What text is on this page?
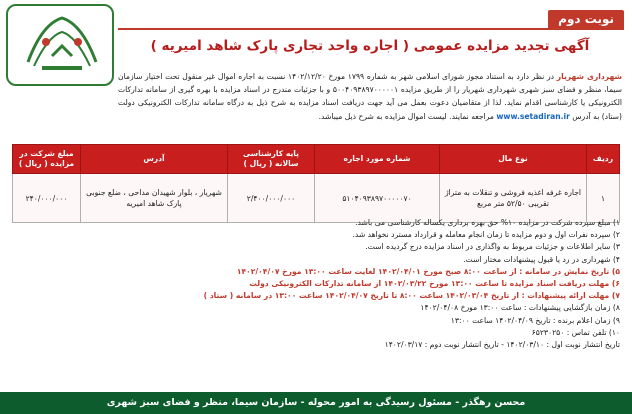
نوبت دوم
آگهی تجدید مزایده عمومی ( اجاره واحد تجاری پارک شاهد امیریه )
شهرداری شهریار در نظر دارد به استناد مجوز شورای اسلامی شهر به شماره ۱۷۹۹ مورخ ۱۴۰۲/۱۲/۲۰ نسبت به اجاره اموال غیر منقول تحت اختیار سازمان سیما، منظر و فضای سبز شهری شهرداری شهریار را از طریق مزایده ۵۰۰۴۰۹۳۸۹۷۰۰۰۰۰۱ و با جزئیات مندرج در اسناد مزایده با بهره گیری از سامانه تدارکات الکترونیکی یا کارشناسی اقدام نماید. لذا از متقاضیان دعوت بعمل می آید جهت دریافت اسناد مزایده به شرح ذیل به درگاه سامانه تدارکات الکترونیکی دولت (ستاد) به آدرس www.setadiran.ir مراجعه نمایند. لیست اموال مزایده به شرح ذیل میباشد.
ردیف	نوع مال	شماره مورد اجاره	پایه کارشناسی سالانه ( ریال )	آدرس	مبلغ شرکت در مزایده ( ریال )
۱	اجاره غرفه اغذیه فروشی و تنقلات به متراژ تقریبی ۵۲/۵۰ متر مربع	۵۱۰۴۰۹۳۸۹۷۰۰۰۰۰۷۰	۲/۴۰۰/۰۰۰/۰۰۰	شهریار ، بلوار شهیدان مداحی ، ضلع جنوبی پارک شاهد امیریه	۲۴۰/۰۰۰/۰۰۰
۱) مبلغ سپرده شرکت در مزایده ۱۰% حق بهره برداری یکساله کارشناسی می باشد.
۲) سپرده نفرات اول و دوم مزایده تا زمان انجام معامله و قرارداد مسترد نخواهد شد.
۳) سایر اطلاعات و جزئیات مربوط به واگذاری در اسناد مزایده درج گردیده است.
۴) شهرداری در رد یا قبول پیشنهادات مختار است.
۵) تاریخ نمایش در سامانه : از ساعت ۸:۰۰ صبح مورخ ۱۴۰۲/۰۴/۰۱ لغایت ساعت ۱۳:۰۰ مورخ ۱۴۰۲/۰۴/۰۷
۶) مهلت دریافت اسناد مزایده تا ساعت ۱۳:۰۰ مورخ ۱۴۰۲/۰۳/۲۲ از سامانه تدارکات الکترونیکی دولت
۷) مهلت ارائه پیشنهادات : از تاریخ ۱۴۰۲/۰۳/۰۴ ساعت ۸:۰۰ تا تاریخ ۱۴۰۲/۰۴/۰۷ ساعت ۱۳:۰۰ در سامانه ( ستاد )
۸) زمان بازگشایی پیشنهادات : ساعت ۱۳:۰۰ مورخ ۱۴۰۲/۰۴/۰۸
۹) زمان اعلام برنده : تاریخ ۱۴۰۲/۰۴/۰۹ ساعت ۱۳:۰۰
۱۰) تلفن تماس : ۶۵۲۳۰۲۵۰
تاریخ انتشار نوبت اول : ۱۴۰۲/۰۳/۱۰ - تاریخ انتشار نوبت دوم : ۱۴۰۲/۰۳/۱۷
محسن رهگذر - مسئول رسیدگی به امور محوله - سازمان سیما، منظر و فضای سبز شهری
